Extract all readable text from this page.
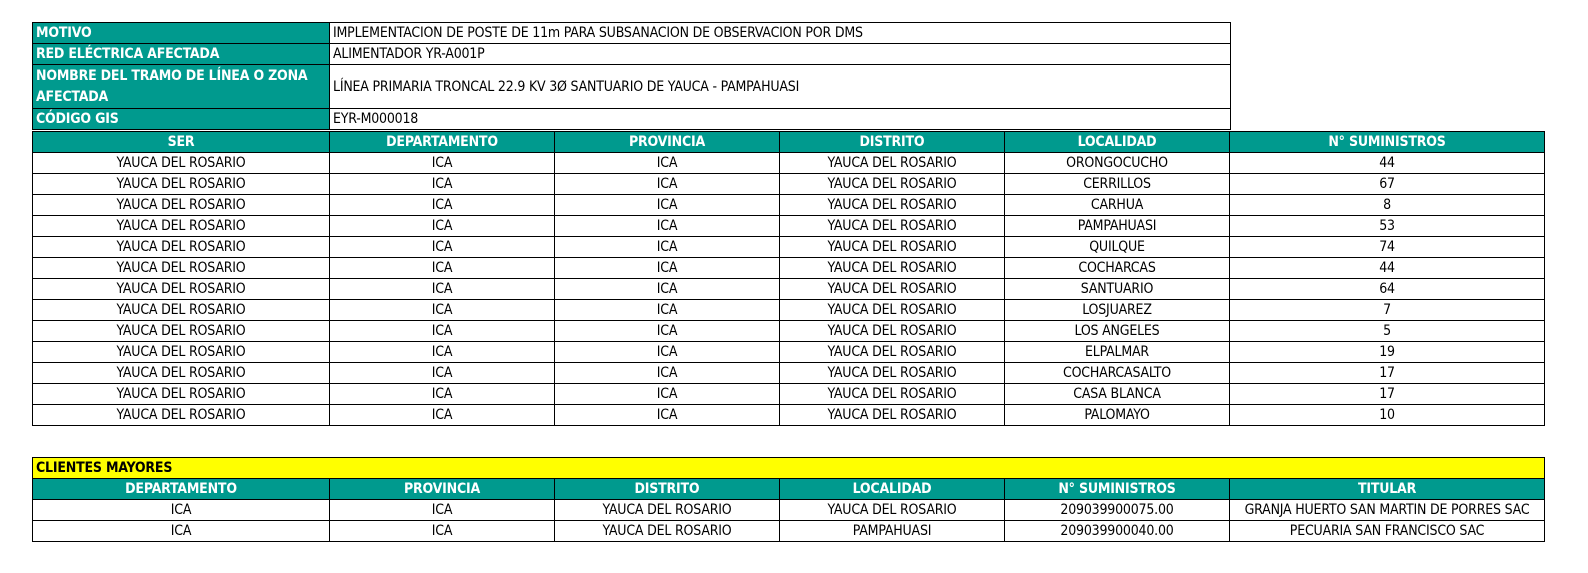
MOTIVO	IMPLEMENTACION DE POSTE DE 11m PARA SUBSANACION DE OBSERVACION POR DMS
RED ELÉCTRICA AFECTADA	ALIMENTADOR YR-A001P
NOMBRE DEL TRAMO DE LÍNEA O ZONA AFECTADA	LÍNEA PRIMARIA TRONCAL 22.9 KV 3Ø SANTUARIO DE YAUCA - PAMPAHUASI
CÓDIGO GIS	EYR-M000018
SER	DEPARTAMENTO	PROVINCIA	DISTRITO	LOCALIDAD	N° SUMINISTROS
YAUCA DEL ROSARIO	ICA	ICA	YAUCA DEL ROSARIO	ORONGOCUCHO	44
YAUCA DEL ROSARIO	ICA	ICA	YAUCA DEL ROSARIO	CERRILLOS	67
YAUCA DEL ROSARIO	ICA	ICA	YAUCA DEL ROSARIO	CARHUA	8
YAUCA DEL ROSARIO	ICA	ICA	YAUCA DEL ROSARIO	PAMPAHUASI	53
YAUCA DEL ROSARIO	ICA	ICA	YAUCA DEL ROSARIO	QUILQUE	74
YAUCA DEL ROSARIO	ICA	ICA	YAUCA DEL ROSARIO	COCHARCAS	44
YAUCA DEL ROSARIO	ICA	ICA	YAUCA DEL ROSARIO	SANTUARIO	64
YAUCA DEL ROSARIO	ICA	ICA	YAUCA DEL ROSARIO	LOSJUAREZ	7
YAUCA DEL ROSARIO	ICA	ICA	YAUCA DEL ROSARIO	LOS ANGELES	5
YAUCA DEL ROSARIO	ICA	ICA	YAUCA DEL ROSARIO	ELPALMAR	19
YAUCA DEL ROSARIO	ICA	ICA	YAUCA DEL ROSARIO	COCHARCASALTO	17
YAUCA DEL ROSARIO	ICA	ICA	YAUCA DEL ROSARIO	CASA BLANCA	17
YAUCA DEL ROSARIO	ICA	ICA	YAUCA DEL ROSARIO	PALOMAYO	10
CLIENTES MAYORES					
DEPARTAMENTO	PROVINCIA	DISTRITO	LOCALIDAD	N° SUMINISTROS	TITULAR
ICA	ICA	YAUCA DEL ROSARIO	YAUCA DEL ROSARIO	209039900075.00	GRANJA HUERTO SAN MARTIN DE PORRES SAC
ICA	ICA	YAUCA DEL ROSARIO	PAMPAHUASI	209039900040.00	PECUARIA SAN FRANCISCO SAC
